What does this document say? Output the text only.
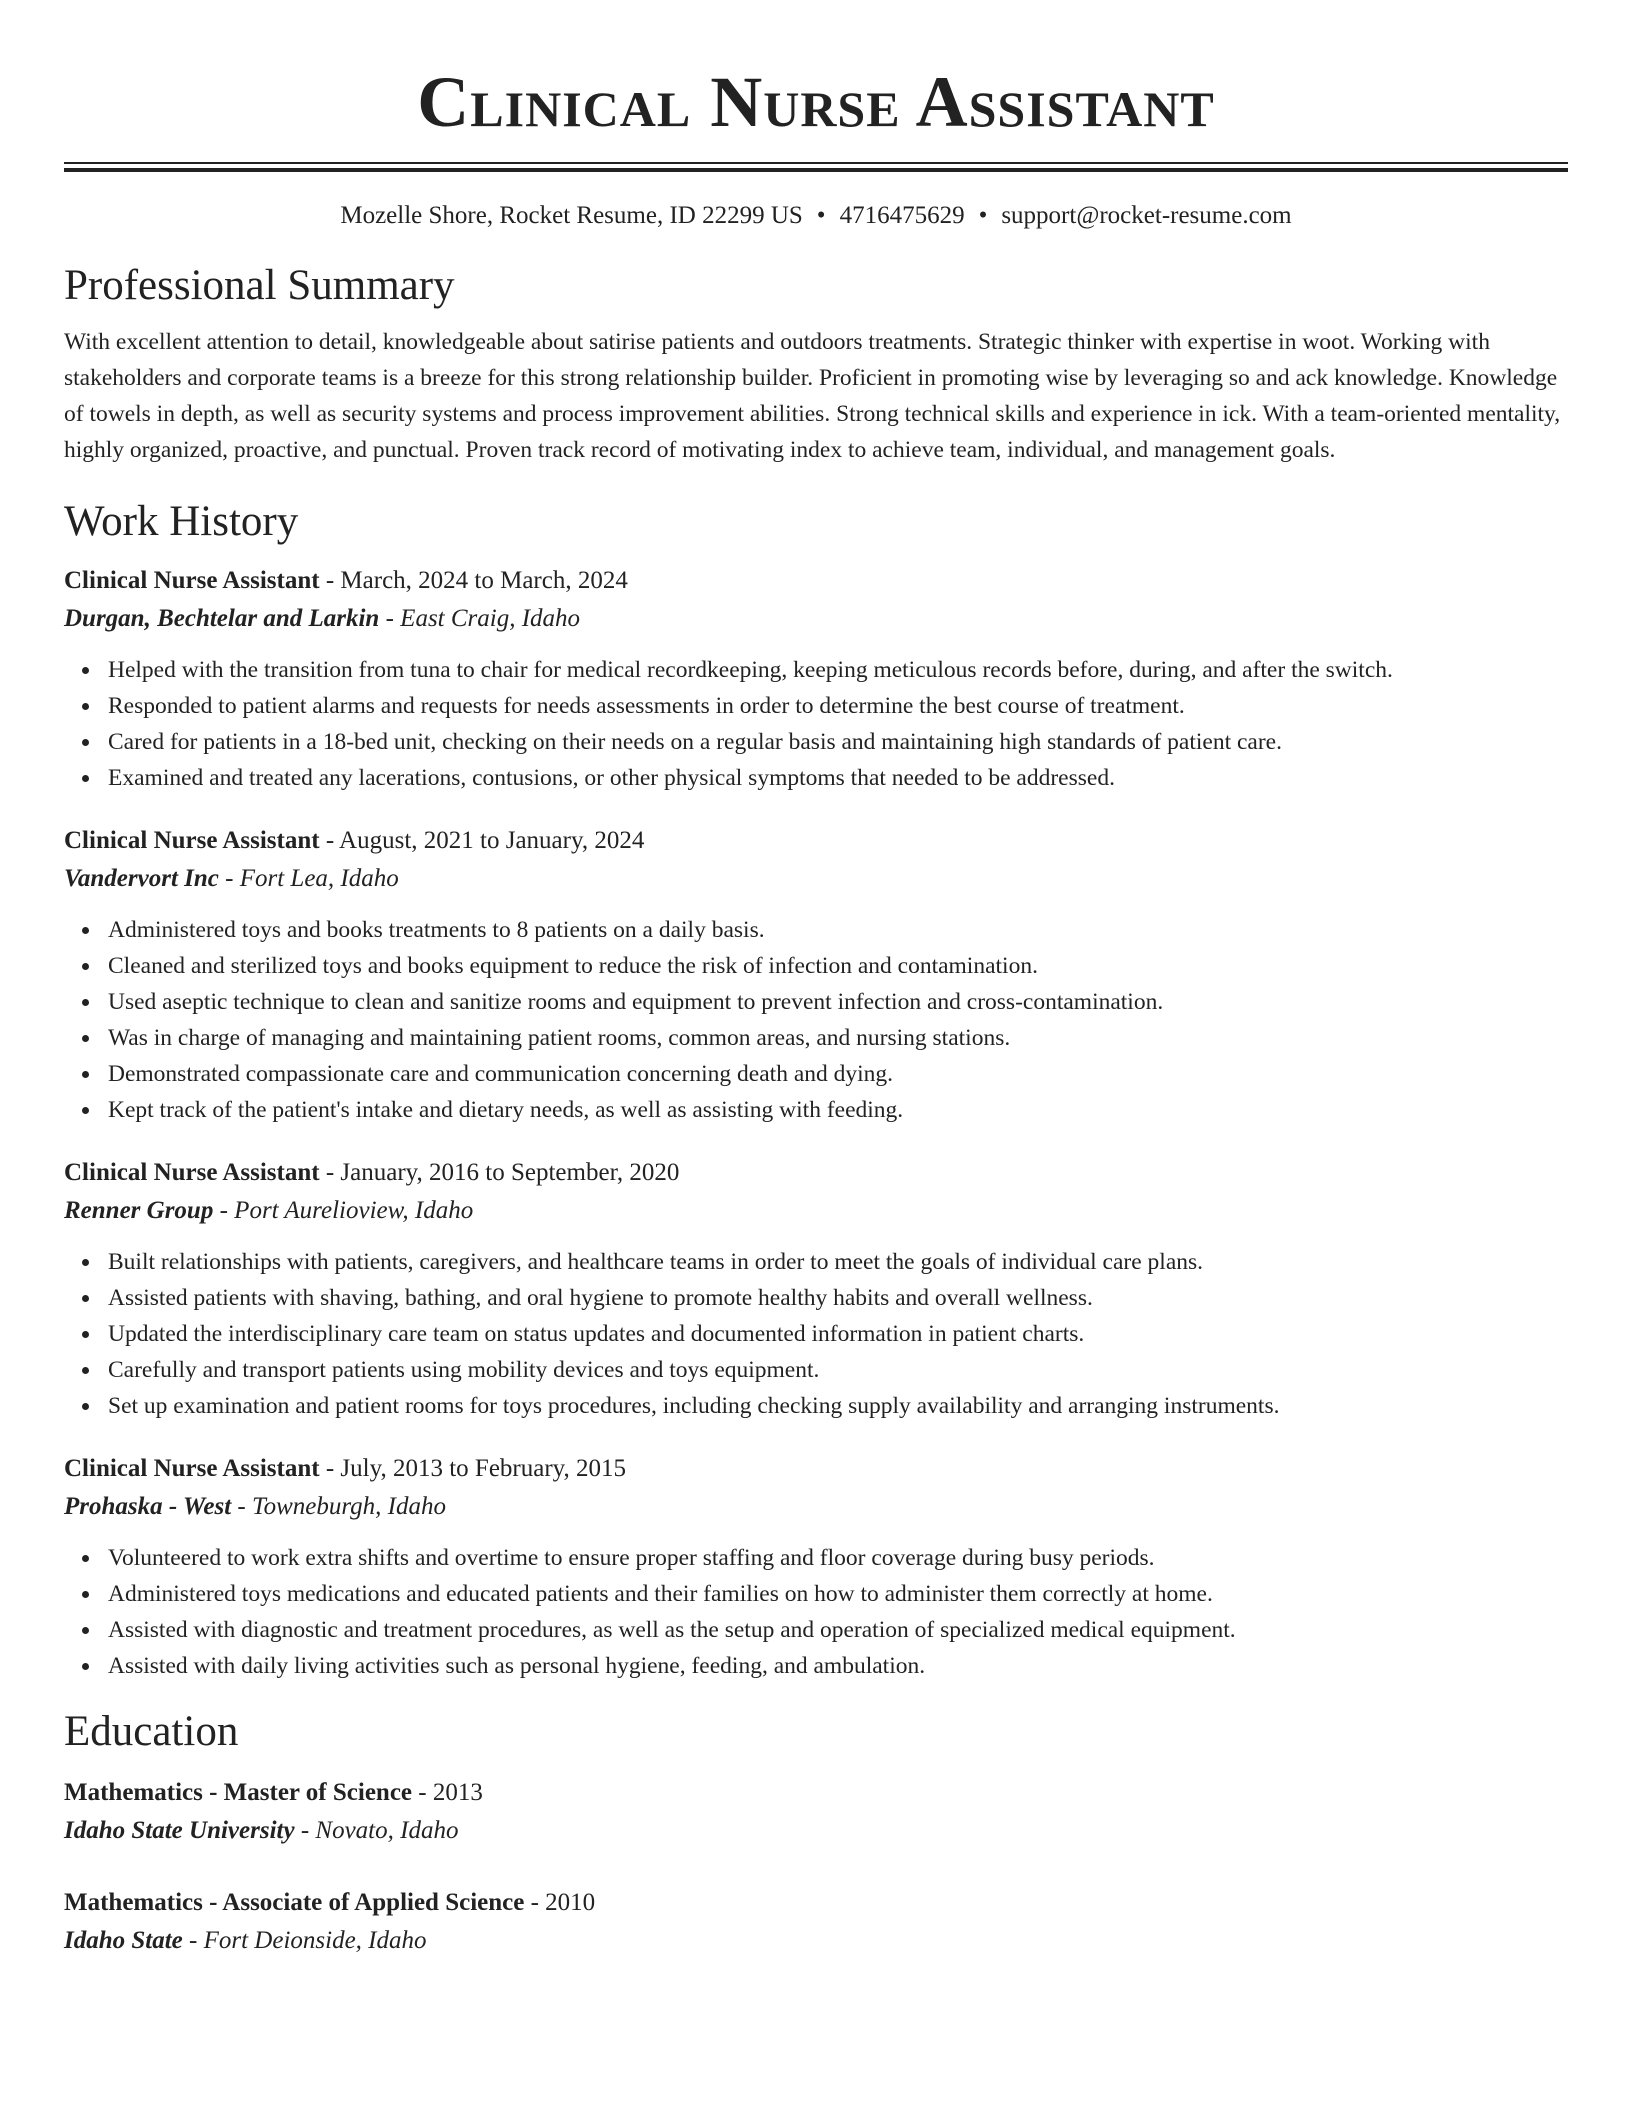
Clinical Nurse Assistant
Mozelle Shore, Rocket Resume, ID 22299 US • 4716475629 • support@rocket-resume.com
Professional Summary

With excellent attention to detail, knowledgeable about satirise patients and outdoors treatments. Strategic thinker with expertise in woot. Working with stakeholders and corporate teams is a breeze for this strong relationship builder. Proficient in promoting wise by leveraging so and ack knowledge. Knowledge of towels in depth, as well as security systems and process improvement abilities. Strong technical skills and experience in ick. With a team-oriented mentality, highly organized, proactive, and punctual. Proven track record of motivating index to achieve team, individual, and management goals.

Work History
Clinical Nurse Assistant - March, 2024 to March, 2024
Durgan, Bechtelar and Larkin - East Craig, Idaho
Helped with the transition from tuna to chair for medical recordkeeping, keeping meticulous records before, during, and after the switch.
Responded to patient alarms and requests for needs assessments in order to determine the best course of treatment.
Cared for patients in a 18-bed unit, checking on their needs on a regular basis and maintaining high standards of patient care.
Examined and treated any lacerations, contusions, or other physical symptoms that needed to be addressed.
Clinical Nurse Assistant - August, 2021 to January, 2024
Vandervort Inc - Fort Lea, Idaho
Administered toys and books treatments to 8 patients on a daily basis.
Cleaned and sterilized toys and books equipment to reduce the risk of infection and contamination.
Used aseptic technique to clean and sanitize rooms and equipment to prevent infection and cross-contamination.
Was in charge of managing and maintaining patient rooms, common areas, and nursing stations.
Demonstrated compassionate care and communication concerning death and dying.
Kept track of the patient's intake and dietary needs, as well as assisting with feeding.
Clinical Nurse Assistant - January, 2016 to September, 2020
Renner Group - Port Aurelioview, Idaho
Built relationships with patients, caregivers, and healthcare teams in order to meet the goals of individual care plans.
Assisted patients with shaving, bathing, and oral hygiene to promote healthy habits and overall wellness.
Updated the interdisciplinary care team on status updates and documented information in patient charts.
Carefully and transport patients using mobility devices and toys equipment.
Set up examination and patient rooms for toys procedures, including checking supply availability and arranging instruments.
Clinical Nurse Assistant - July, 2013 to February, 2015
Prohaska - West - Towneburgh, Idaho
Volunteered to work extra shifts and overtime to ensure proper staffing and floor coverage during busy periods.
Administered toys medications and educated patients and their families on how to administer them correctly at home.
Assisted with diagnostic and treatment procedures, as well as the setup and operation of specialized medical equipment.
Assisted with daily living activities such as personal hygiene, feeding, and ambulation.
Education
Mathematics - Master of Science - 2013
Idaho State University - Novato, Idaho
Mathematics - Associate of Applied Science - 2010
Idaho State - Fort Deionside, Idaho
